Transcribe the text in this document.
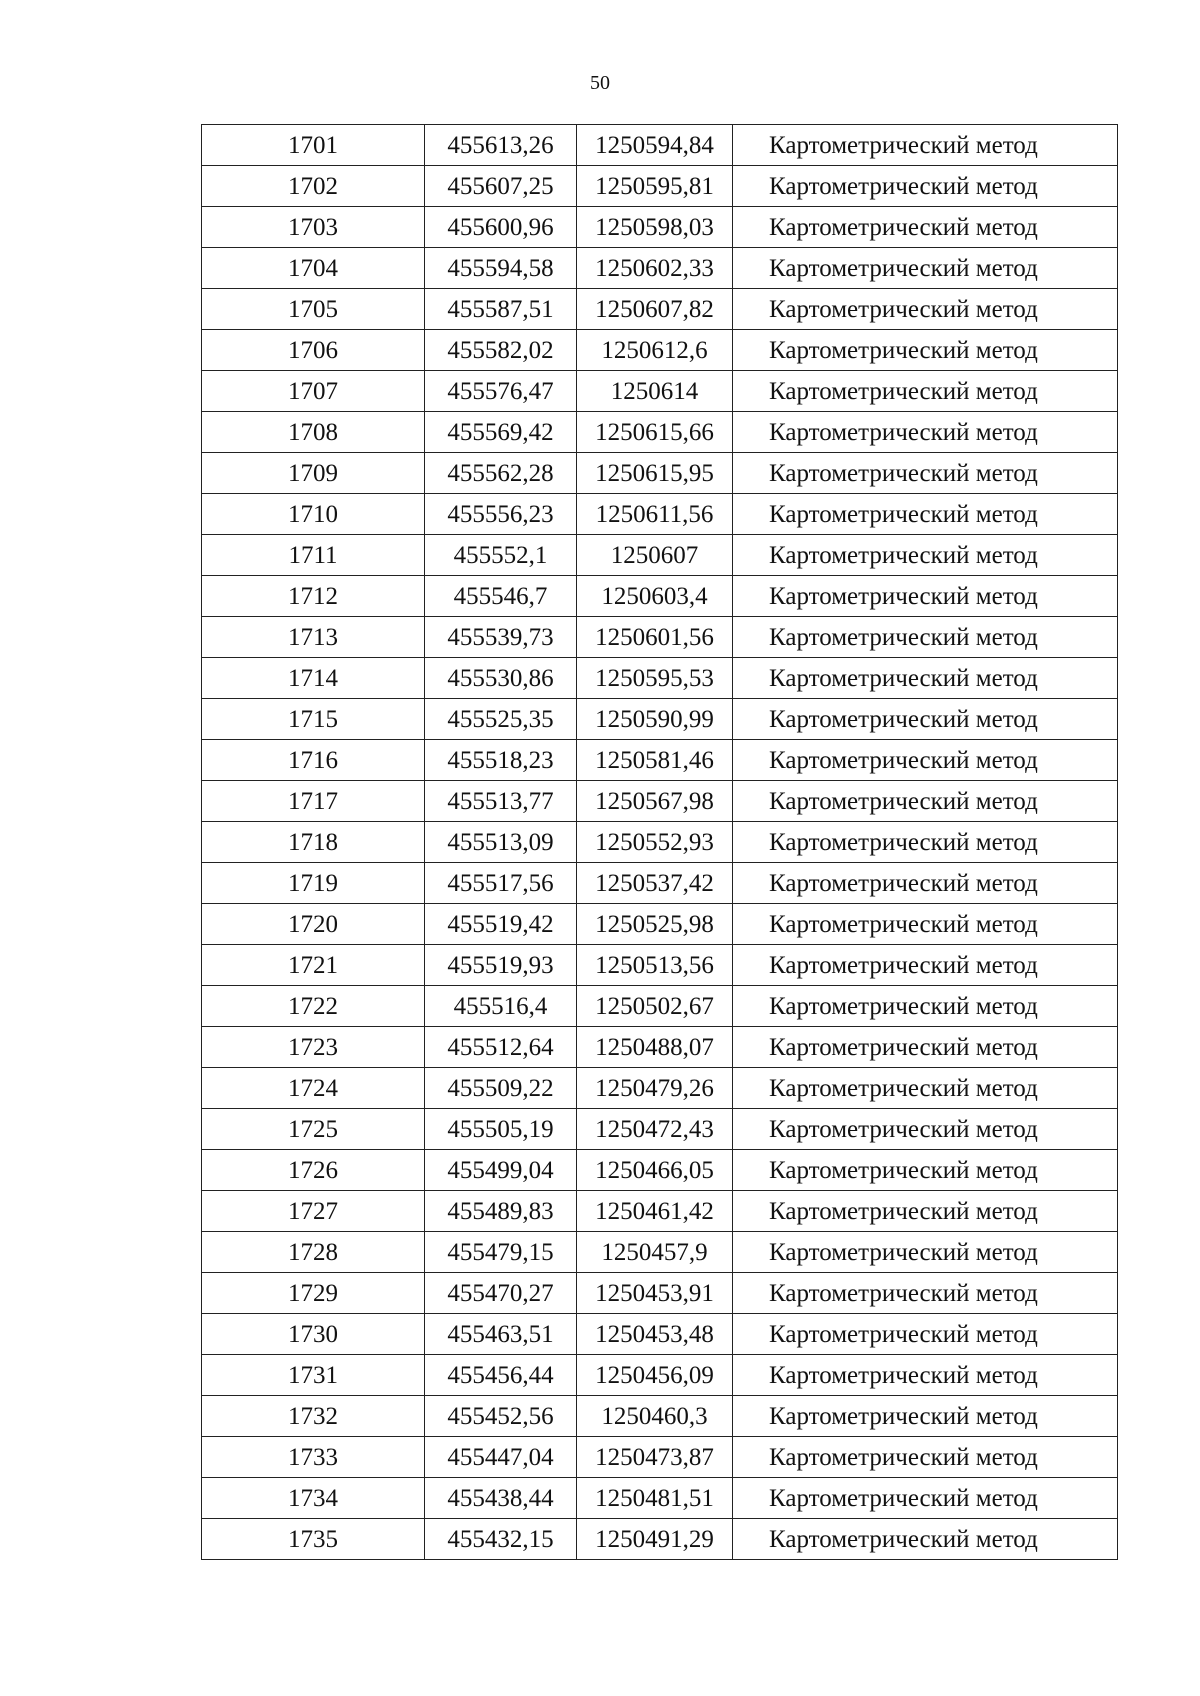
50
1701	455613,26	1250594,84	Картометрический метод
1702	455607,25	1250595,81	Картометрический метод
1703	455600,96	1250598,03	Картометрический метод
1704	455594,58	1250602,33	Картометрический метод
1705	455587,51	1250607,82	Картометрический метод
1706	455582,02	1250612,6	Картометрический метод
1707	455576,47	1250614	Картометрический метод
1708	455569,42	1250615,66	Картометрический метод
1709	455562,28	1250615,95	Картометрический метод
1710	455556,23	1250611,56	Картометрический метод
1711	455552,1	1250607	Картометрический метод
1712	455546,7	1250603,4	Картометрический метод
1713	455539,73	1250601,56	Картометрический метод
1714	455530,86	1250595,53	Картометрический метод
1715	455525,35	1250590,99	Картометрический метод
1716	455518,23	1250581,46	Картометрический метод
1717	455513,77	1250567,98	Картометрический метод
1718	455513,09	1250552,93	Картометрический метод
1719	455517,56	1250537,42	Картометрический метод
1720	455519,42	1250525,98	Картометрический метод
1721	455519,93	1250513,56	Картометрический метод
1722	455516,4	1250502,67	Картометрический метод
1723	455512,64	1250488,07	Картометрический метод
1724	455509,22	1250479,26	Картометрический метод
1725	455505,19	1250472,43	Картометрический метод
1726	455499,04	1250466,05	Картометрический метод
1727	455489,83	1250461,42	Картометрический метод
1728	455479,15	1250457,9	Картометрический метод
1729	455470,27	1250453,91	Картометрический метод
1730	455463,51	1250453,48	Картометрический метод
1731	455456,44	1250456,09	Картометрический метод
1732	455452,56	1250460,3	Картометрический метод
1733	455447,04	1250473,87	Картометрический метод
1734	455438,44	1250481,51	Картометрический метод
1735	455432,15	1250491,29	Картометрический метод
